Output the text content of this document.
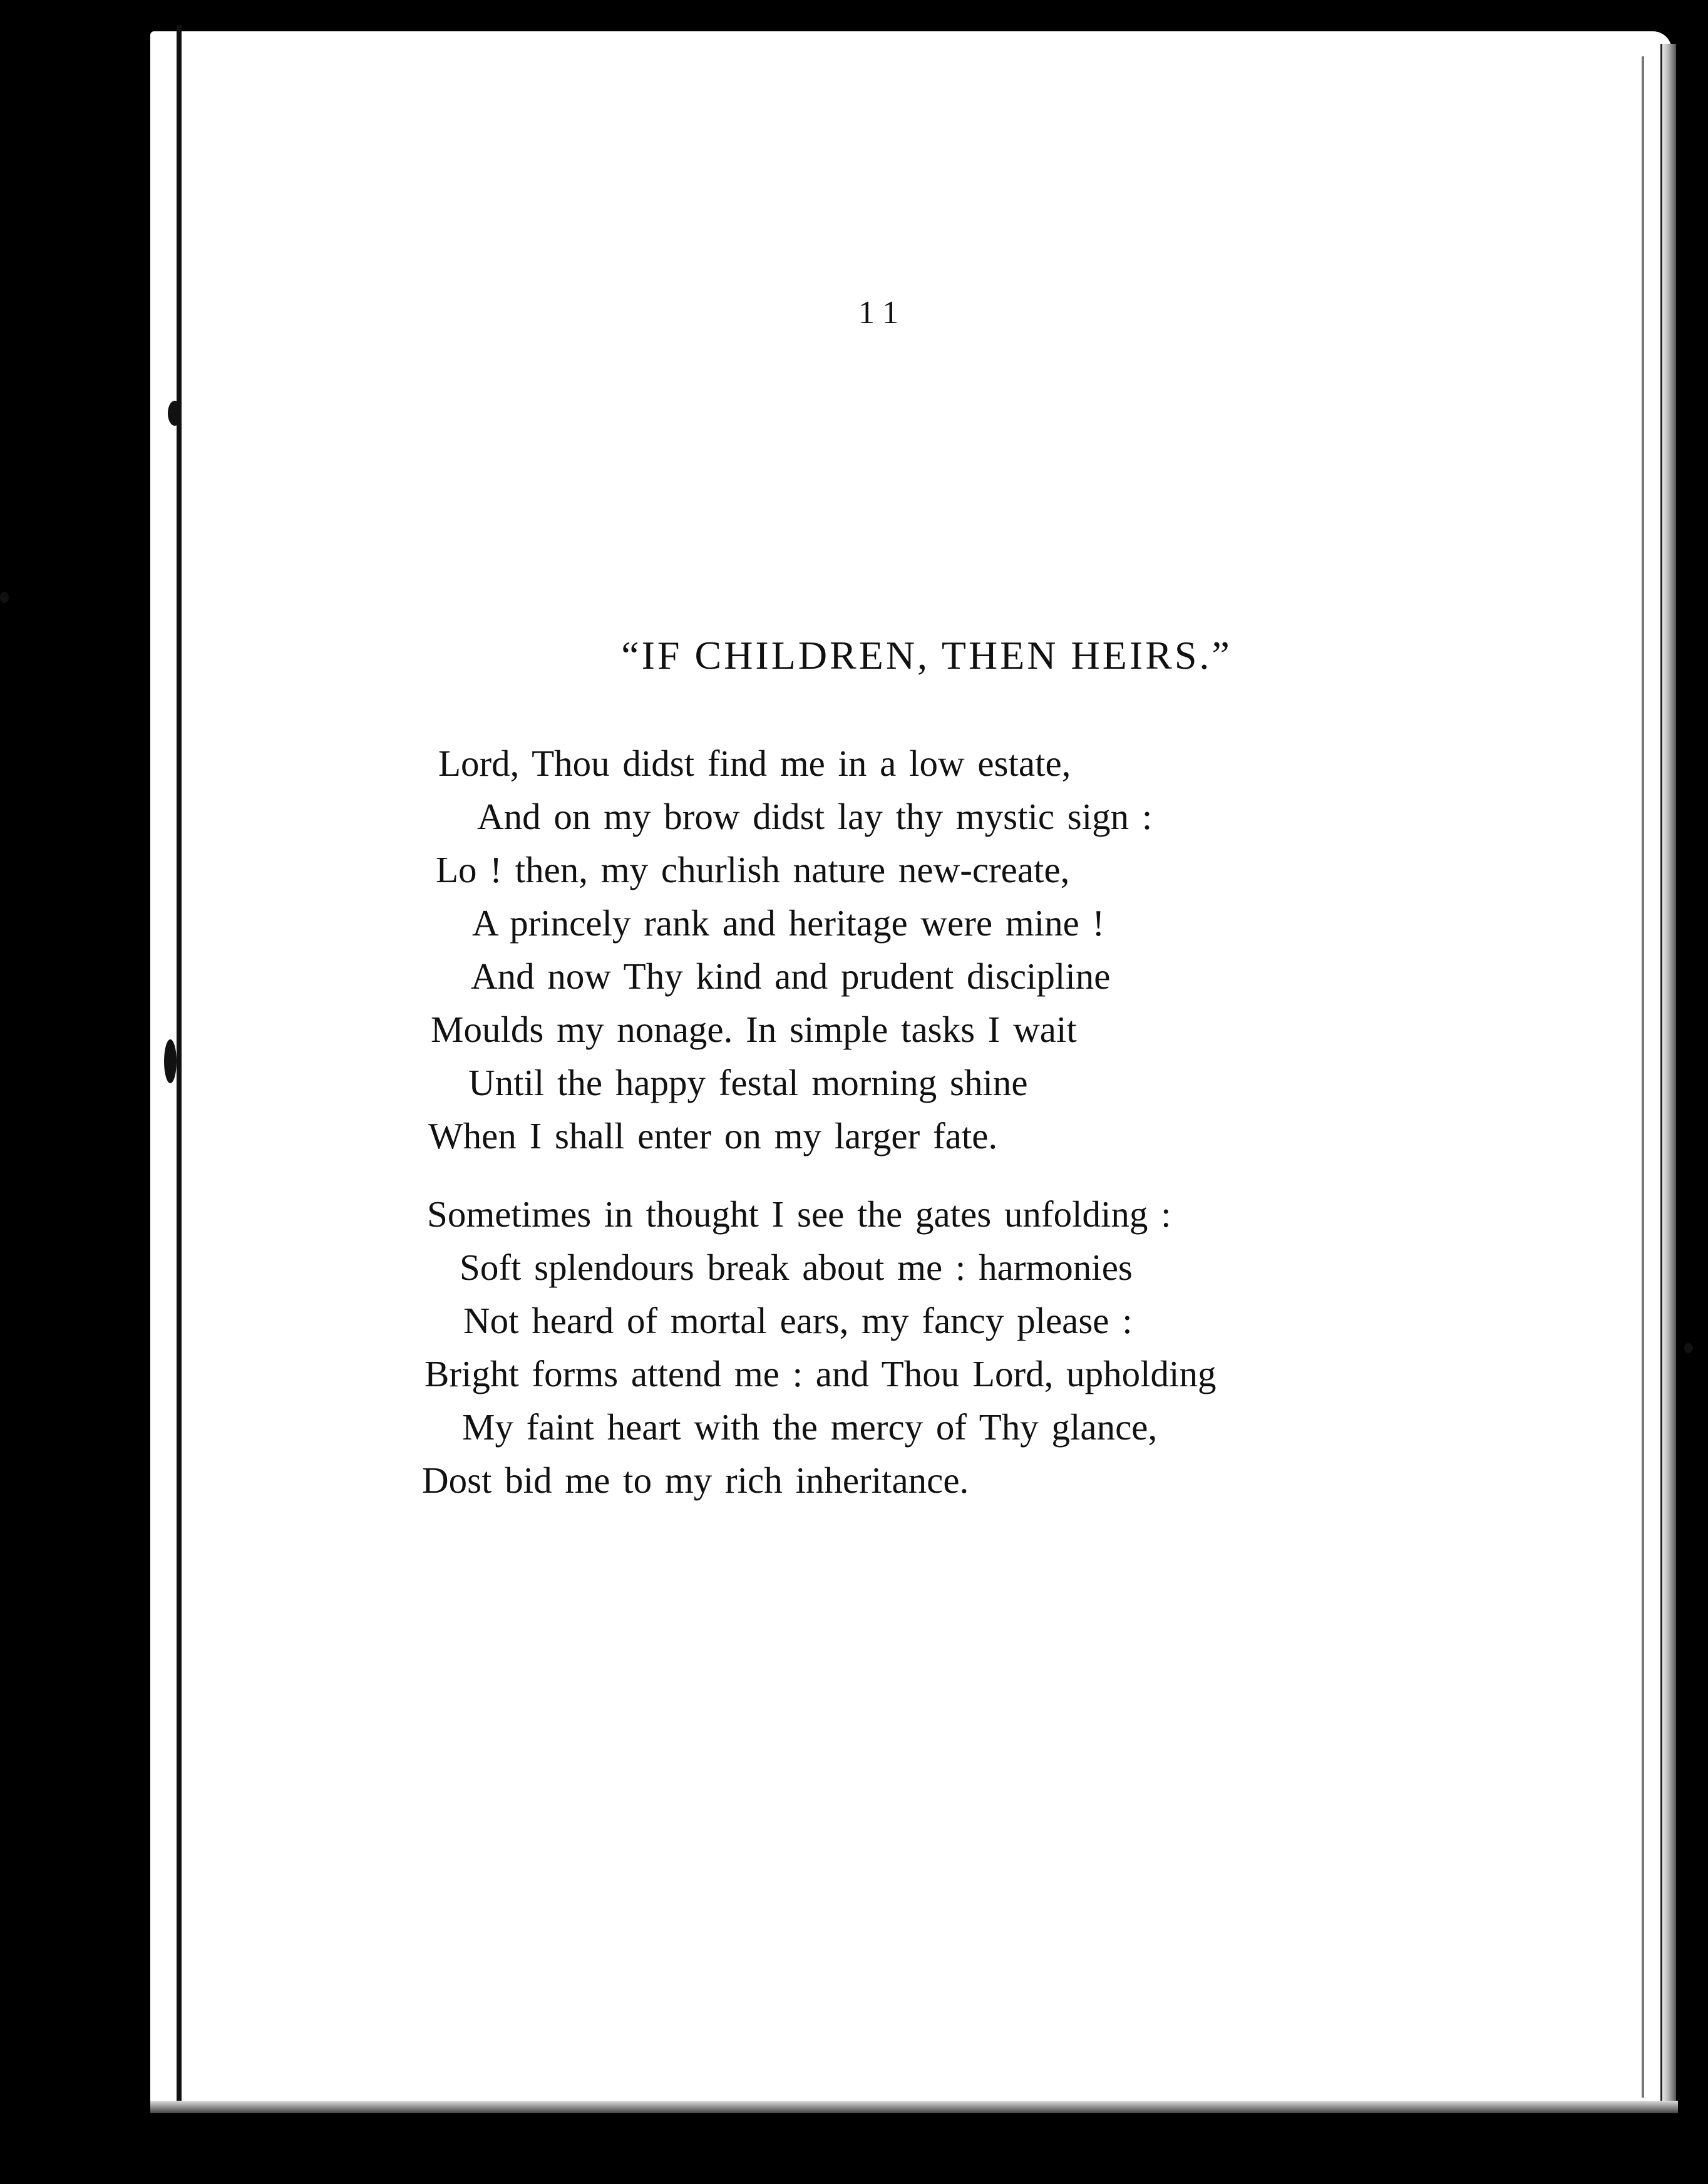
11
“IF CHILDREN, THEN HEIRS.”
Lord, Thou didst find me in a low estate,
And on my brow didst lay thy mystic sign :
Lo ! then, my churlish nature new-create,
A princely rank and heritage were mine !
And now Thy kind and prudent discipline
Moulds my nonage. In simple tasks I wait
Until the happy festal morning shine
When I shall enter on my larger fate.
Sometimes in thought I see the gates unfolding :
Soft splendours break about me : harmonies
Not heard of mortal ears, my fancy please :
Bright forms attend me : and Thou Lord, upholding
My faint heart with the mercy of Thy glance,
Dost bid me to my rich inheritance.
